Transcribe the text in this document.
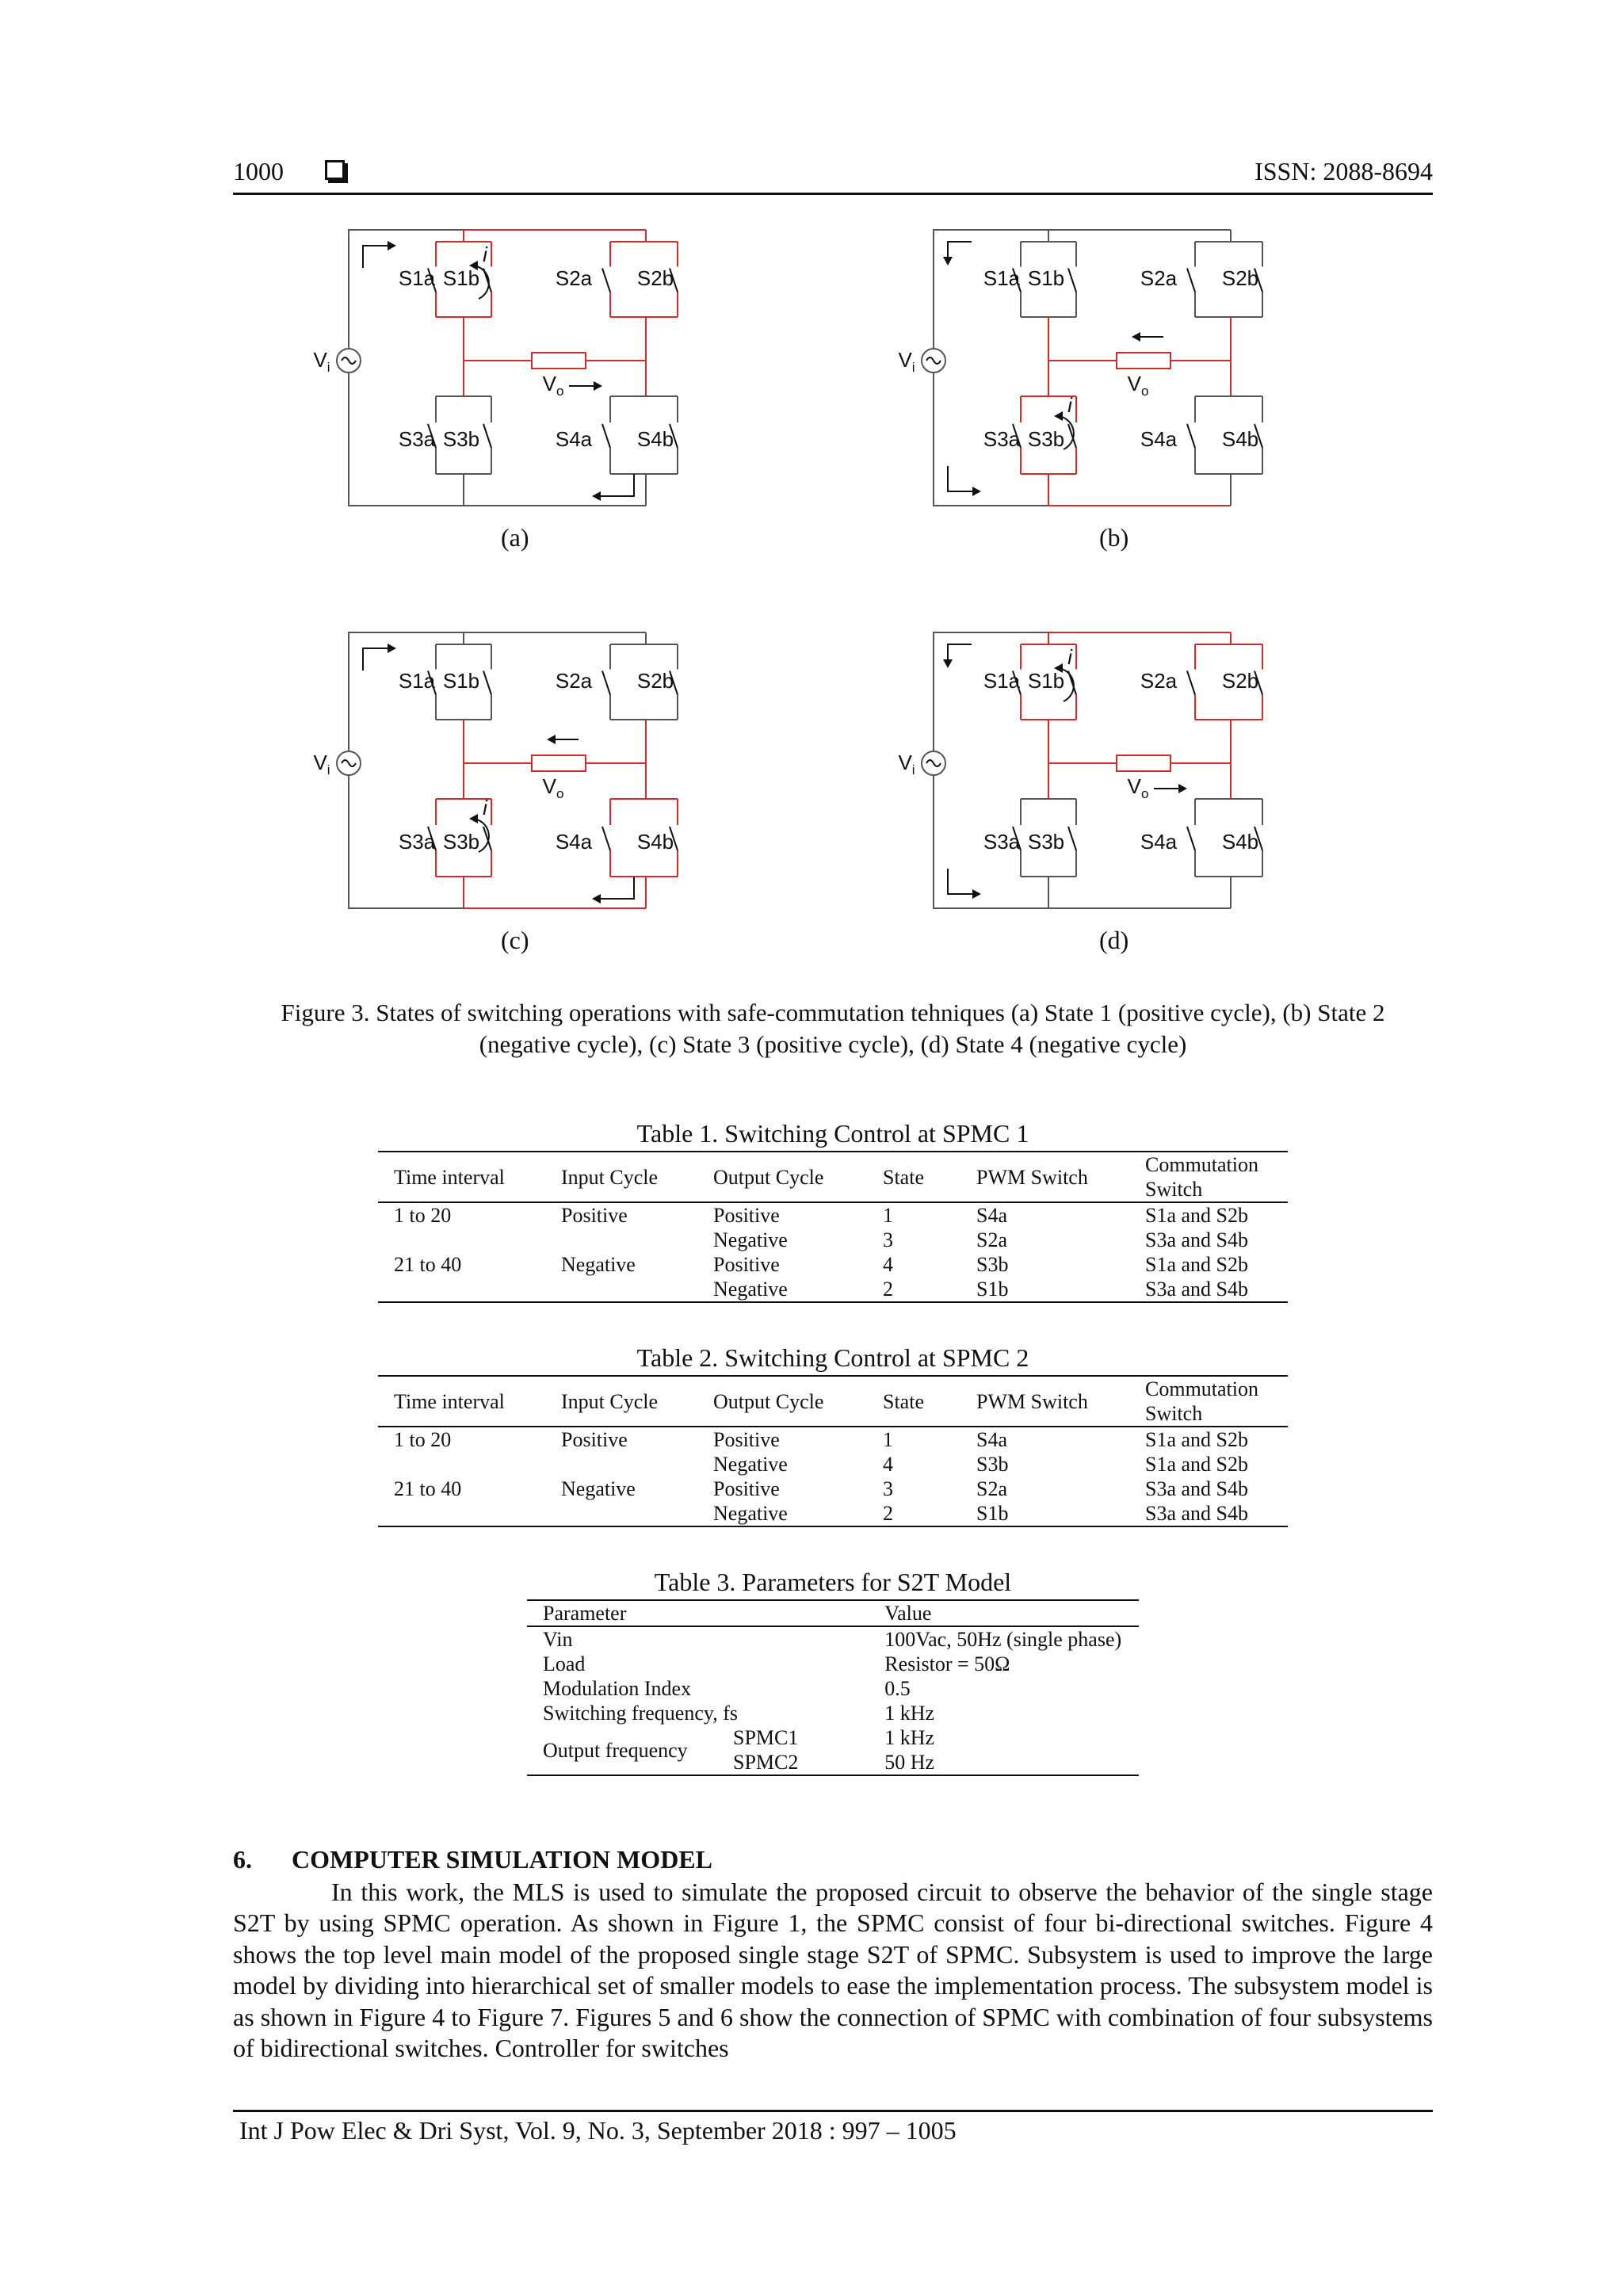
1000	ISSN: 2088-8694
$V_i$
S1a S1b	S2a S2b
S3a S3b	S4a S4b
$V_o$
i
$V_i$
S1a S1b	S2a S2b
S3a S3b	S4a S4b
$V_o$
i
$V_i$
S1a S1b	S2a S2b
S3a S3b	S4a S4b
$V_o$
i
$V_i$
S1a S1b	S2a S2b
S3a S3b	S4a S4b
$V_o$
i
(a)	(b)
(c)	(d)
Figure 3. States of switching operations with safe-commutation tehniques (a) State 1 (positive cycle), (b) State 2 (negative cycle), (c) State 3 (positive cycle), (d) State 4 (negative cycle)
Table 1. Switching Control at SPMC 1
Time interval	Input Cycle	Output Cycle	State	PWM Switch	Commutation Switch
1 to 20	Positive	Positive	1	S4a	S1a and S2b
		Negative	3	S2a	S3a and S4b
21 to 40	Negative	Positive	4	S3b	S1a and S2b
		Negative	2	S1b	S3a and S4b
Table 2. Switching Control at SPMC 2
Time interval	Input Cycle	Output Cycle	State	PWM Switch	Commutation Switch
1 to 20	Positive	Positive	1	S4a	S1a and S2b
		Negative	4	S3b	S1a and S2b
21 to 40	Negative	Positive	3	S2a	S3a and S4b
		Negative	2	S1b	S3a and S4b
Table 3. Parameters for S2T Model
Parameter		Value
Vin		100Vac, 50Hz (single phase)
Load		Resistor = 50Ω
Modulation Index		0.5
Switching frequency, fs		1 kHz
Output frequency	SPMC1	1 kHz
	SPMC2	50 Hz
6. COMPUTER SIMULATION MODEL

In this work, the MLS is used to simulate the proposed circuit to observe the behavior of the single stage S2T by using SPMC operation. As shown in Figure 1, the SPMC consist of four bi-directional switches. Figure 4 shows the top level main model of the proposed single stage S2T of SPMC. Subsystem is used to improve the large model by dividing into hierarchical set of smaller models to ease the implementation process. The subsystem model is as shown in Figure 4 to Figure 7. Figures 5 and 6 show the connection of SPMC with combination of four subsystems of bidirectional switches. Controller for switches

Int J Pow Elec & Dri Syst, Vol. 9, No. 3, September 2018 : 997 – 1005
